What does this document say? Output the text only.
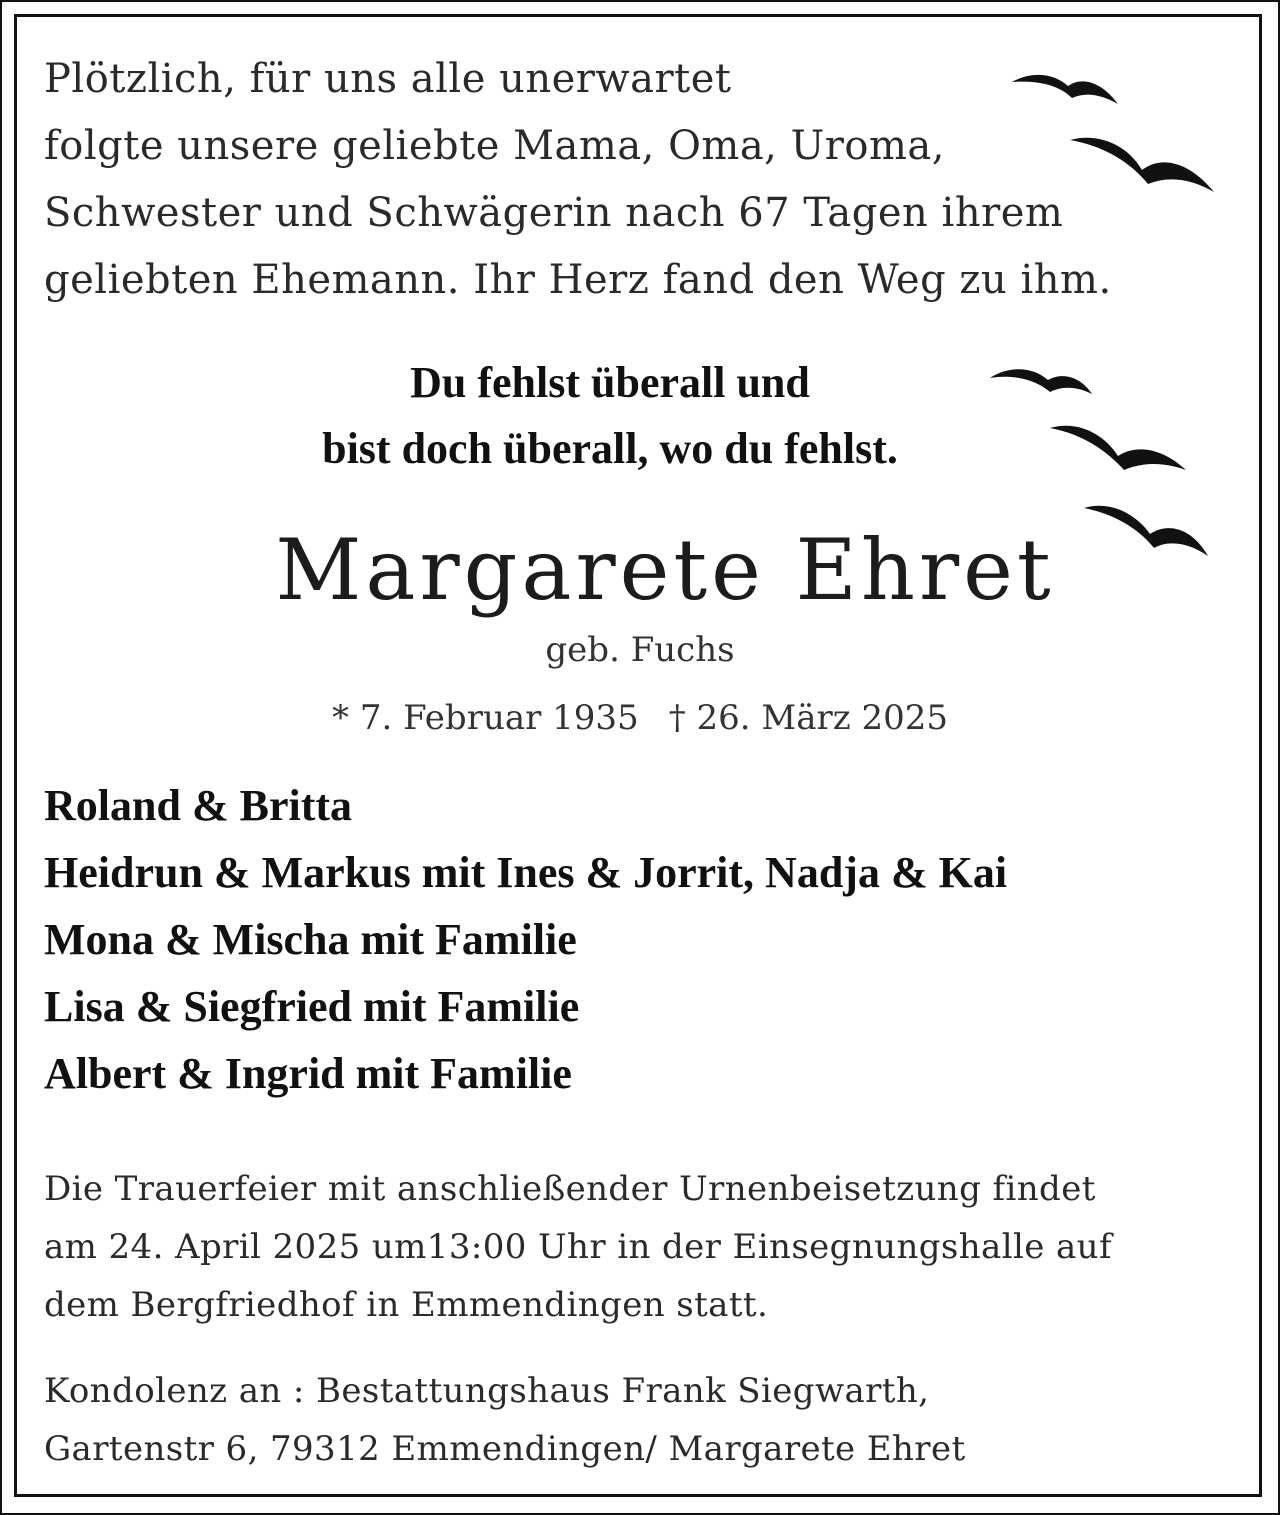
Plötzlich, für uns alle unerwartet
folgte unsere geliebte Mama, Oma, Uroma,
Schwester und Schwägerin nach 67 Tagen ihrem
geliebten Ehemann. Ihr Herz fand den Weg zu ihm.
Du fehlst überall und
bist doch überall, wo du fehlst.
Margarete Ehret
geb. Fuchs
* 7. Februar 1935 † 26. März 2025
Roland & Britta
Heidrun & Markus mit Ines & Jorrit, Nadja & Kai
Mona & Mischa mit Familie
Lisa & Siegfried mit Familie
Albert & Ingrid mit Familie
Die Trauerfeier mit anschließender Urnenbeisetzung findet
am 24. April 2025 um13:00 Uhr in der Einsegnungshalle auf
dem Bergfriedhof in Emmendingen statt.
Kondolenz an : Bestattungshaus Frank Siegwarth,
Gartenstr 6, 79312 Emmendingen/ Margarete Ehret
